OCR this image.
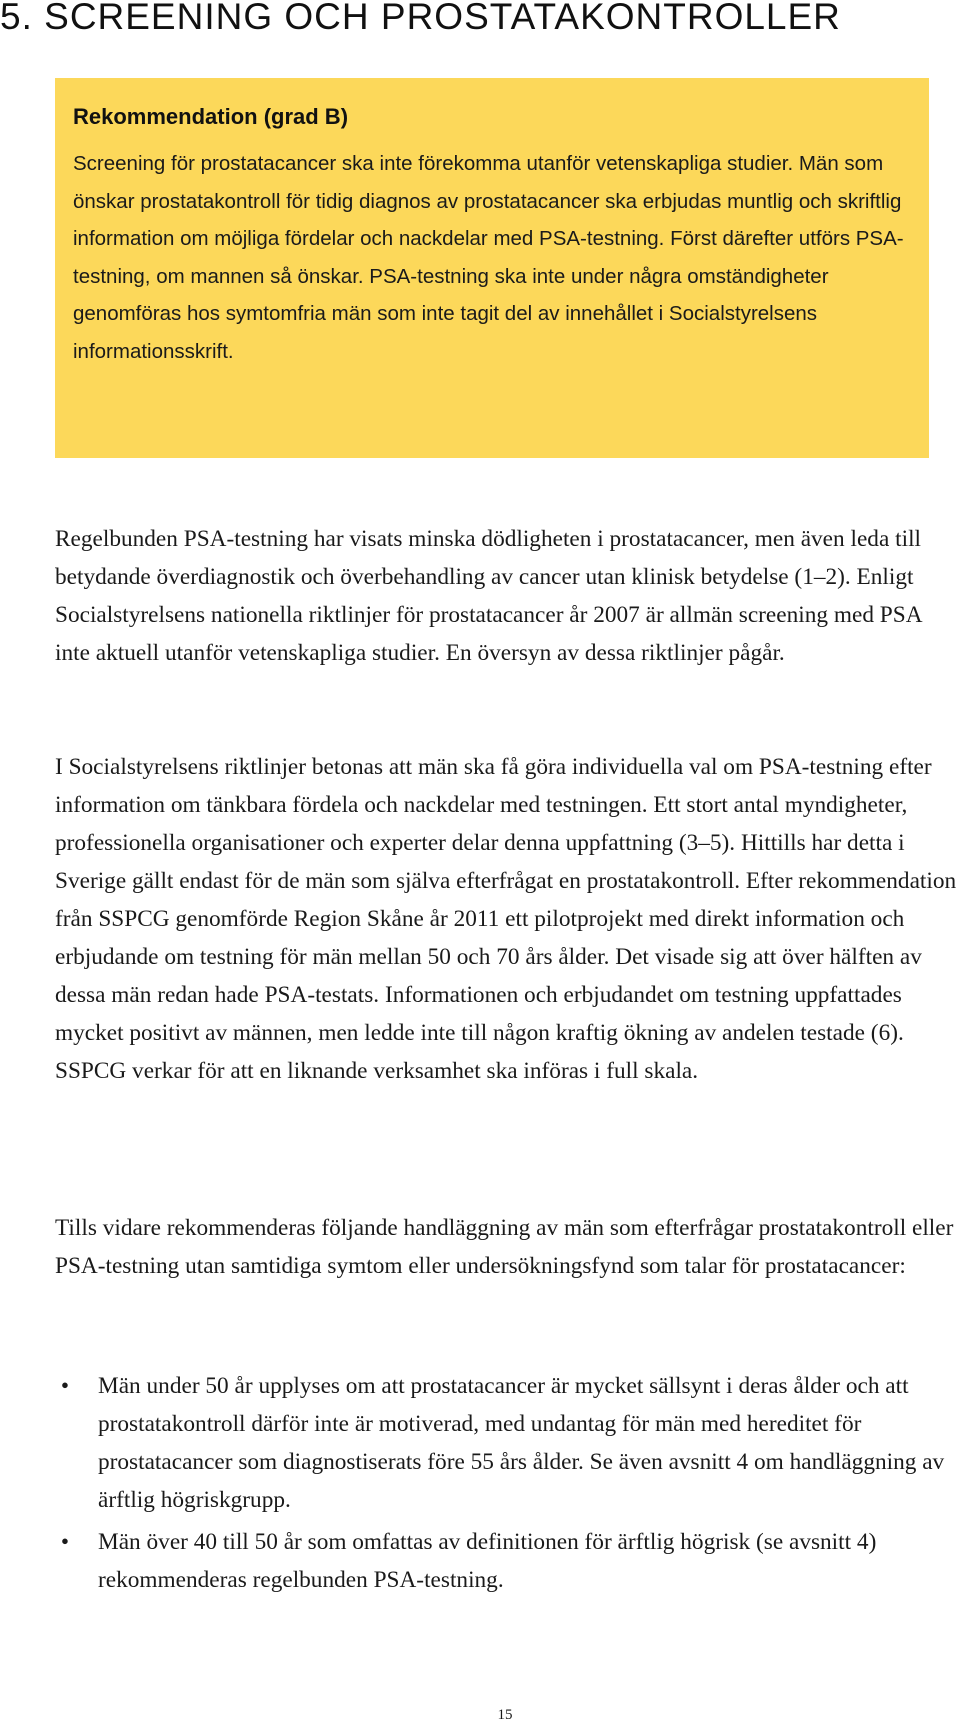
5. SCREENING OCH PROSTATAKONTROLLER

Rekommendation (grad B)

Screening för prostatacancer ska inte förekomma utanför vetenskapliga studier. Män som önskar prostatakontroll för tidig diagnos av prostatacancer ska erbjudas muntlig och skriftlig information om möjliga fördelar och nackdelar med PSA-testning. Först därefter utförs PSA-testning, om mannen så önskar. PSA-testning ska inte under några omständigheter genomföras hos symtomfria män som inte tagit del av innehållet i Socialstyrelsens informationsskrift.

Regelbunden PSA-testning har visats minska dödligheten i prostatacancer, men även leda till betydande överdiagnostik och överbehandling av cancer utan klinisk betydelse (1–2). Enligt Socialstyrelsens nationella riktlinjer för prostatacancer år 2007 är allmän screening med PSA inte aktuell utanför vetenskapliga studier. En översyn av dessa riktlinjer pågår.

I Socialstyrelsens riktlinjer betonas att män ska få göra individuella val om PSA-testning efter information om tänkbara fördela och nackdelar med testningen. Ett stort antal myndigheter, professionella organisationer och experter delar denna uppfattning (3–5). Hittills har detta i Sverige gällt endast för de män som själva efterfrågat en prostatakontroll. Efter rekommendation från SSPCG genomförde Region Skåne år 2011 ett pilotprojekt med direkt information och erbjudande om testning för män mellan 50 och 70 års ålder. Det visade sig att över hälften av dessa män redan hade PSA-testats. Informationen och erbjudandet om testning uppfattades mycket positivt av männen, men ledde inte till någon kraftig ökning av andelen testade (6). SSPCG verkar för att en liknande verksamhet ska införas i full skala.

Tills vidare rekommenderas följande handläggning av män som efterfrågar prostatakontroll eller PSA-testning utan samtidiga symtom eller undersökningsfynd som talar för prostatacancer:

• Män under 50 år upplyses om att prostatacancer är mycket sällsynt i deras ålder och att prostatakontroll därför inte är motiverad, med undantag för män med hereditet för prostatacancer som diagnostiserats före 55 års ålder. Se även avsnitt 4 om handläggning av ärftlig högriskgrupp.
• Män över 40 till 50 år som omfattas av definitionen för ärftlig högrisk (se avsnitt 4) rekommenderas regelbunden PSA-testning.

15
